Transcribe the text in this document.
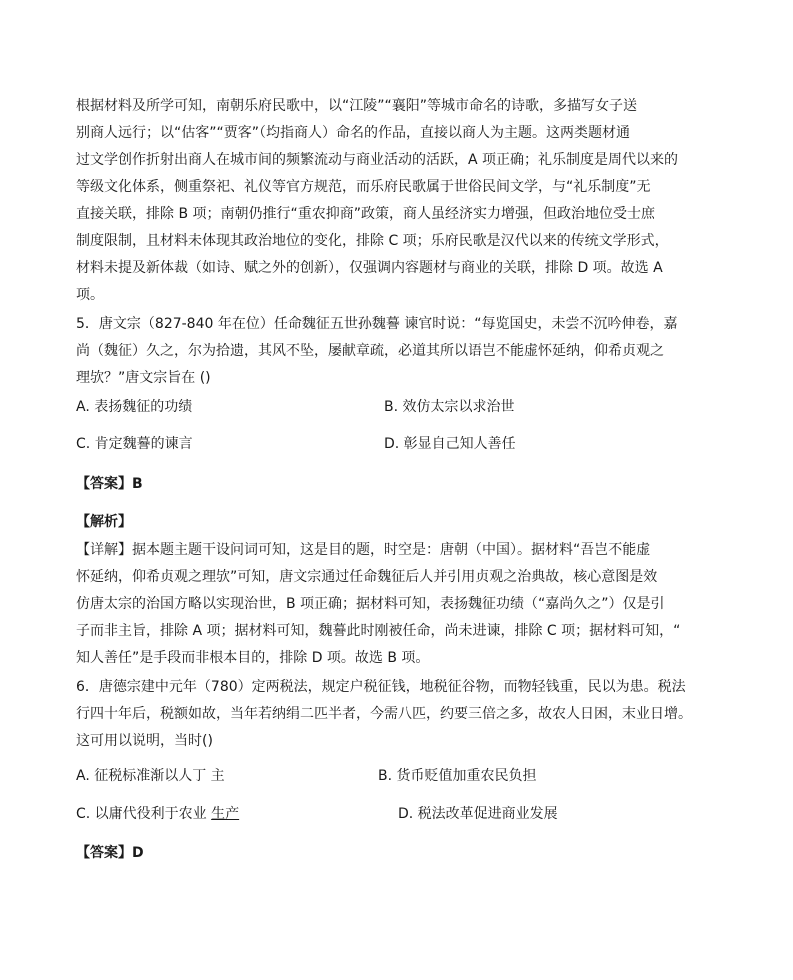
根据材料及所学可知，南朝乐府民歌中，以“江陵”“襄阳”等城市命名的诗歌，多描写女子送
别商人远行；以“估客”“贾客”（均指商人）命名的作品，直接以商人为主题。这两类题材通
过文学创作折射出商人在城市间的频繁流动与商业活动的活跃，A 项正确；礼乐制度是周代以来的
等级文化体系，侧重祭祀、礼仪等官方规范，而乐府民歌属于世俗民间文学，与“礼乐制度”无
直接关联，排除 B 项；南朝仍推行“重农抑商”政策，商人虽经济实力增强，但政治地位受士庶
制度限制，且材料未体现其政治地位的变化，排除 C 项；乐府民歌是汉代以来的传统文学形式，
材料未提及新体裁（如诗、赋之外的创新），仅强调内容题材与商业的关联，排除 D 项。故选 A
项。
5．唐文宗（827-840 年在位）任命魏征五世孙魏謩 谏官时说：“每览国史，未尝不沉吟伸卷，嘉
尚（魏征）久之，尔为拾遗，其风不坠，屡献章疏，必道其所以语岂不能虚怀延纳，仰希贞观之
理欤？”唐文宗旨在 ()
A. 表扬魏征的功绩	B. 效仿太宗以求治世
C. 肯定魏謩的谏言	D. 彰显自己知人善任
【答案】B
【解析】
【详解】据本题主题干设问词可知，这是目的题，时空是：唐朝（中国）。据材料“吾岂不能虚
怀延纳，仰希贞观之理欤”可知，唐文宗通过任命魏征后人并引用贞观之治典故，核心意图是效
仿唐太宗的治国方略以实现治世，B 项正确；据材料可知，表扬魏征功绩（“嘉尚久之”）仅是引
子而非主旨，排除 A 项；据材料可知，魏謩此时刚被任命，尚未进谏，排除 C 项；据材料可知，“
知人善任”是手段而非根本目的，排除 D 项。故选 B 项。
6．唐德宗建中元年（780）定两税法，规定户税征钱，地税征谷物，而物轻钱重，民以为患。税法
行四十年后，税额如故，当年若纳绢二匹半者，今需八匹，约要三倍之多，故农人日困，末业日增。
这可用以说明，当时()
A. 征税标准渐以人丁 主	B. 货币贬值加重农民负担
C. 以庸代役利于农业 生产	D. 税法改革促进商业发展
【答案】D
